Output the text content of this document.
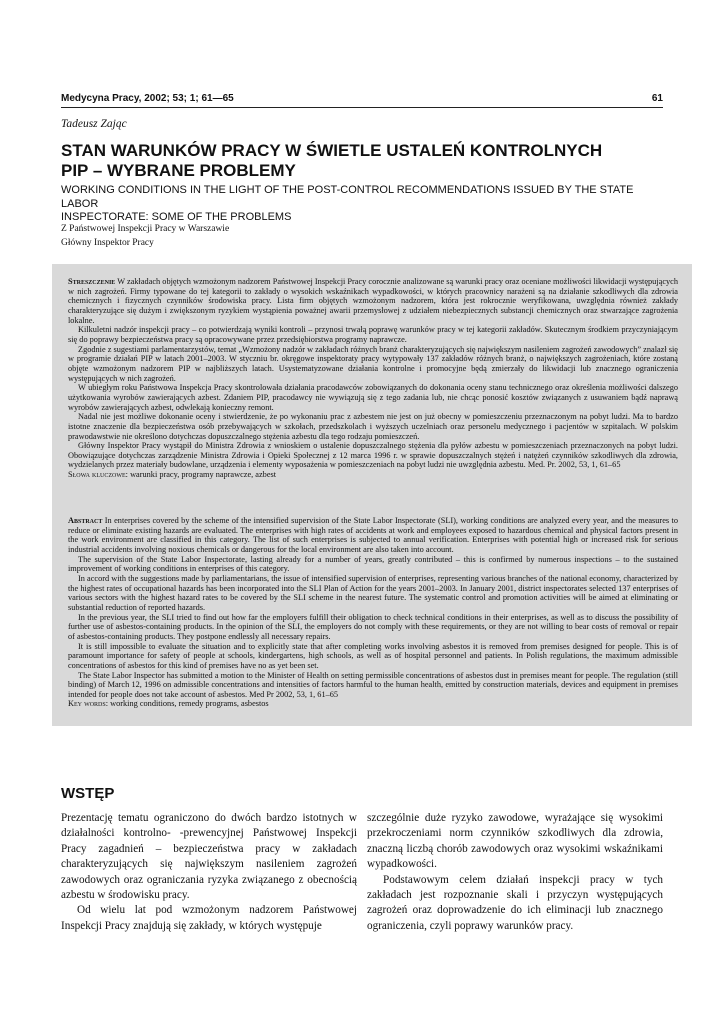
Medycyna Pracy, 2002; 53; 1; 61—65	61
Tadeusz Zając
STAN WARUNKÓW PRACY W ŚWIETLE USTALEŃ KONTROLNYCH
PIP – WYBRANE PROBLEMY
WORKING CONDITIONS IN THE LIGHT OF THE POST-CONTROL RECOMMENDATIONS ISSUED BY THE STATE LABOR
INSPECTORATE: SOME OF THE PROBLEMS
Z Państwowej Inspekcji Pracy w Warszawie
Główny Inspektor Pracy

Streszczenie W zakładach objętych wzmożonym nadzorem Państwowej Inspekcji Pracy corocznie analizowane są warunki pracy oraz oceniane możliwości likwidacji występujących w nich zagrożeń. Firmy typowane do tej kategorii to zakłady o wysokich wskaźnikach wypadkowości, w których pracownicy narażeni są na działanie szkodliwych dla zdrowia chemicznych i fizycznych czynników środowiska pracy. Lista firm objętych wzmożonym nadzorem, która jest rokrocznie weryfikowana, uwzględnia również zakłady charakteryzujące się dużym i zwiększonym ryzykiem wystąpienia poważnej awarii przemysłowej z udziałem niebezpiecznych substancji chemicznych oraz stwarzające zagrożenia lokalne.

Kilkuletni nadzór inspekcji pracy – co potwierdzają wyniki kontroli – przynosi trwałą poprawę warunków pracy w tej kategorii zakładów. Skutecznym środkiem przyczyniającym się do poprawy bezpieczeństwa pracy są opracowywane przez przedsiębiorstwa programy naprawcze.

Zgodnie z sugestiami parlamentarzystów, temat „Wzmożony nadzór w zakładach różnych branż charakteryzujących się największym nasileniem zagrożeń zawodowych” znalazł się w programie działań PIP w latach 2001–2003. W styczniu br. okręgowe inspektoraty pracy wytypowały 137 zakładów różnych branż, o największych zagrożeniach, które zostaną objęte wzmożonym nadzorem PIP w najbliższych latach. Usystematyzowane działania kontrolne i promocyjne będą zmierzały do likwidacji lub znacznego ograniczenia występujących w nich zagrożeń.

W ubiegłym roku Państwowa Inspekcja Pracy skontrolowała działania pracodawców zobowiązanych do dokonania oceny stanu technicznego oraz określenia możliwości dalszego użytkowania wyrobów zawierających azbest. Zdaniem PIP, pracodawcy nie wywiązują się z tego zadania lub, nie chcąc ponosić kosztów związanych z usuwaniem bądź naprawą wyrobów zawierających azbest, odwlekają konieczny remont.

Nadal nie jest możliwe dokonanie oceny i stwierdzenie, że po wykonaniu prac z azbestem nie jest on już obecny w pomieszczeniu przeznaczonym na pobyt ludzi. Ma to bardzo istotne znaczenie dla bezpieczeństwa osób przebywających w szkołach, przedszkolach i wyższych uczelniach oraz personelu medycznego i pacjentów w szpitalach. W polskim prawodawstwie nie określono dotychczas dopuszczalnego stężenia azbestu dla tego rodzaju pomieszczeń.

Główny Inspektor Pracy wystąpił do Ministra Zdrowia z wnioskiem o ustalenie dopuszczalnego stężenia dla pyłów azbestu w pomieszczeniach przeznaczonych na pobyt ludzi. Obowiązujące dotychczas zarządzenie Ministra Zdrowia i Opieki Społecznej z 12 marca 1996 r. w sprawie dopuszczalnych stężeń i natężeń czynników szkodliwych dla zdrowia, wydzielanych przez materiały budowlane, urządzenia i elementy wyposażenia w pomieszczeniach na pobyt ludzi nie uwzględnia azbestu. Med. Pr. 2002, 53, 1, 61–65

Słowa kluczowe: warunki pracy, programy naprawcze, azbest

Abstract In enterprises covered by the scheme of the intensified supervision of the State Labor Inspectorate (SLI), working conditions are analyzed every year, and the measures to reduce or eliminate existing hazards are evaluated. The enterprises with high rates of accidents at work and employees exposed to hazardous chemical and physical factors present in the work environment are classified in this category. The list of such enterprises is subjected to annual verification. Enterprises with potential high or increased risk for serious industrial accidents involving noxious chemicals or dangerous for the local environment are also taken into account.

The supervision of the State Labor Inspectorate, lasting already for a number of years, greatly contributed – this is confirmed by numerous inspections – to the sustained improvement of working conditions in enterprises of this category.

In accord with the suggestions made by parliamentarians, the issue of intensified supervision of enterprises, representing various branches of the national economy, characterized by the highest rates of occupational hazards has been incorporated into the SLI Plan of Action for the years 2001–2003. In January 2001, district inspectorates selected 137 enterprises of various sectors with the highest hazard rates to be covered by the SLI scheme in the nearest future. The systematic control and promotion activities will be aimed at eliminating or substantial reduction of reported hazards.

In the previous year, the SLI tried to find out how far the employers fulfill their obligation to check technical conditions in their enterprises, as well as to discuss the possibility of further use of asbestos-containing products. In the opinion of the SLI, the employers do not comply with these requirements, or they are not willing to bear costs of removal or repair of asbestos-containing products. They postpone endlessly all necessary repairs.

It is still impossible to evaluate the situation and to explicitly state that after completing works involving asbestos it is removed from premises designed for people. This is of paramount importance for safety of people at schools, kindergartens, high schools, as well as of hospital personnel and patients. In Polish regulations, the maximum admissible concentrations of asbestos for this kind of premises have no as yet been set.

The State Labor Inspector has submitted a motion to the Minister of Health on setting permissible concentrations of asbestos dust in premises meant for people. The regulation (still binding) of March 12, 1996 on admissible concentrations and intensities of factors harmful to the human health, emitted by construction materials, devices and equipment in premises intended for people does not take account of asbestos. Med Pr 2002, 53, 1, 61–65

Key words: working conditions, remedy programs, asbestos

WSTĘP

Prezentację tematu ograniczono do dwóch bardzo istotnych w działalności kontrolno- -prewencyjnej Państwowej Inspekcji Pracy zagadnień – bezpieczeństwa pracy w zakładach charakteryzujących się największym nasileniem zagrożeń zawodowych oraz ograniczania ryzyka związanego z obecnością azbestu w środowisku pracy.

Od wielu lat pod wzmożonym nadzorem Państwowej Inspekcji Pracy znajdują się zakłady, w których występuje

szczególnie duże ryzyko zawodowe, wyrażające się wysokimi przekroczeniami norm czynników szkodliwych dla zdrowia, znaczną liczbą chorób zawodowych oraz wysokimi wskaźnikami wypadkowości.

Podstawowym celem działań inspekcji pracy w tych zakładach jest rozpoznanie skali i przyczyn występujących zagrożeń oraz doprowadzenie do ich eliminacji lub znacznego ograniczenia, czyli poprawy warunków pracy.
